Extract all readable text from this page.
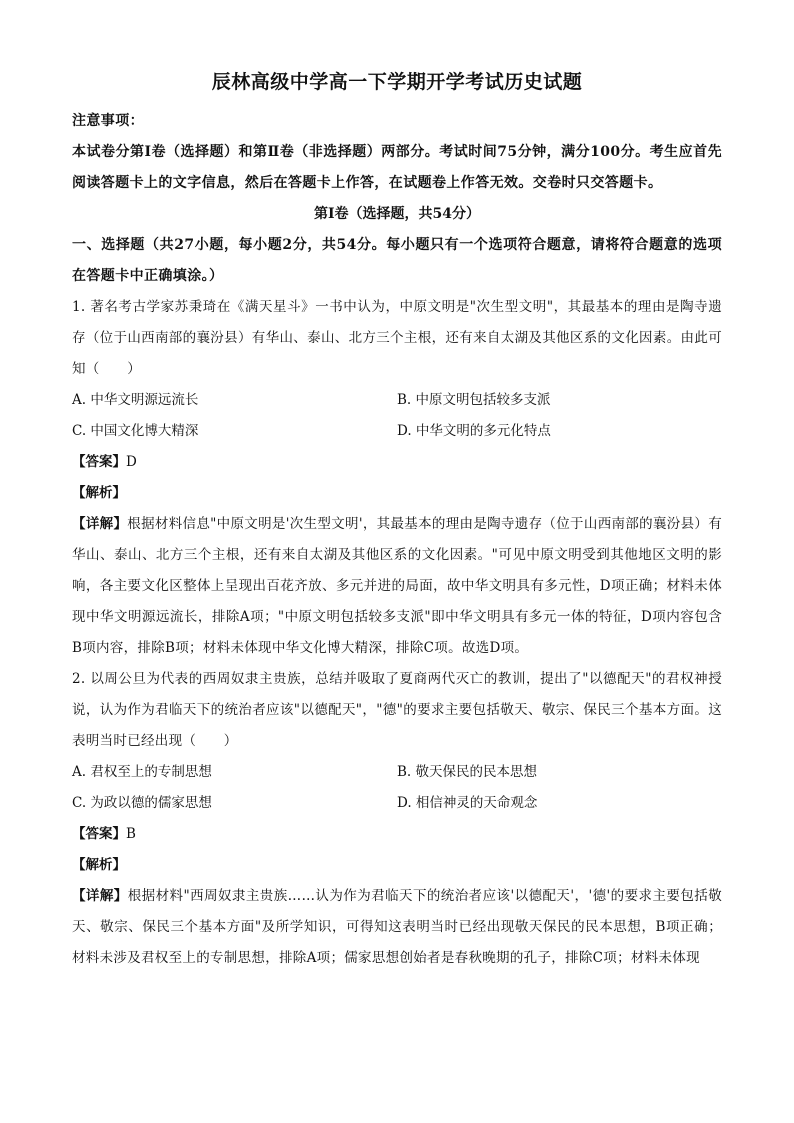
辰林高级中学高一下学期开学考试历史试题
注意事项：
本试卷分第Ⅰ卷（选择题）和第Ⅱ卷（非选择题）两部分。考试时间75分钟，满分100分。考生应首先阅读答题卡上的文字信息，然后在答题卡上作答，在试题卷上作答无效。交卷时只交答题卡。
第Ⅰ卷（选择题，共54分）
一、选择题（共27小题，每小题2分，共54分。每小题只有一个选项符合题意，请将符合题意的选项在答题卡中正确填涂。）
1. 著名考古学家苏秉琦在《满天星斗》一书中认为，中原文明是"次生型文明"，其最基本的理由是陶寺遗存（位于山西南部的襄汾县）有华山、泰山、北方三个主根，还有来自太湖及其他区系的文化因素。由此可知（　　）
A. 中华文明源远流长	B. 中原文明包括较多支派
C. 中国文化博大精深	D. 中华文明的多元化特点
【答案】D
【解析】
【详解】根据材料信息"中原文明是'次生型文明'，其最基本的理由是陶寺遗存（位于山西南部的襄汾县）有华山、泰山、北方三个主根，还有来自太湖及其他区系的文化因素。"可见中原文明受到其他地区文明的影响，各主要文化区整体上呈现出百花齐放、多元并进的局面，故中华文明具有多元性，D项正确；材料未体现中华文明源远流长，排除A项；"中原文明包括较多支派"即中华文明具有多元一体的特征，D项内容包含B项内容，排除B项；材料未体现中华文化博大精深，排除C项。故选D项。
2. 以周公旦为代表的西周奴隶主贵族，总结并吸取了夏商两代灭亡的教训，提出了"以德配天"的君权神授说，认为作为君临天下的统治者应该"以德配天"，"德"的要求主要包括敬天、敬宗、保民三个基本方面。这表明当时已经出现（　　）
A. 君权至上的专制思想	B. 敬天保民的民本思想
C. 为政以德的儒家思想	D. 相信神灵的天命观念
【答案】B
【解析】
【详解】根据材料"西周奴隶主贵族……认为作为君临天下的统治者应该'以德配天'，'德'的要求主要包括敬天、敬宗、保民三个基本方面"及所学知识，可得知这表明当时已经出现敬天保民的民本思想，B项正确；材料未涉及君权至上的专制思想，排除A项；儒家思想创始者是春秋晚期的孔子，排除C项；材料未体现
